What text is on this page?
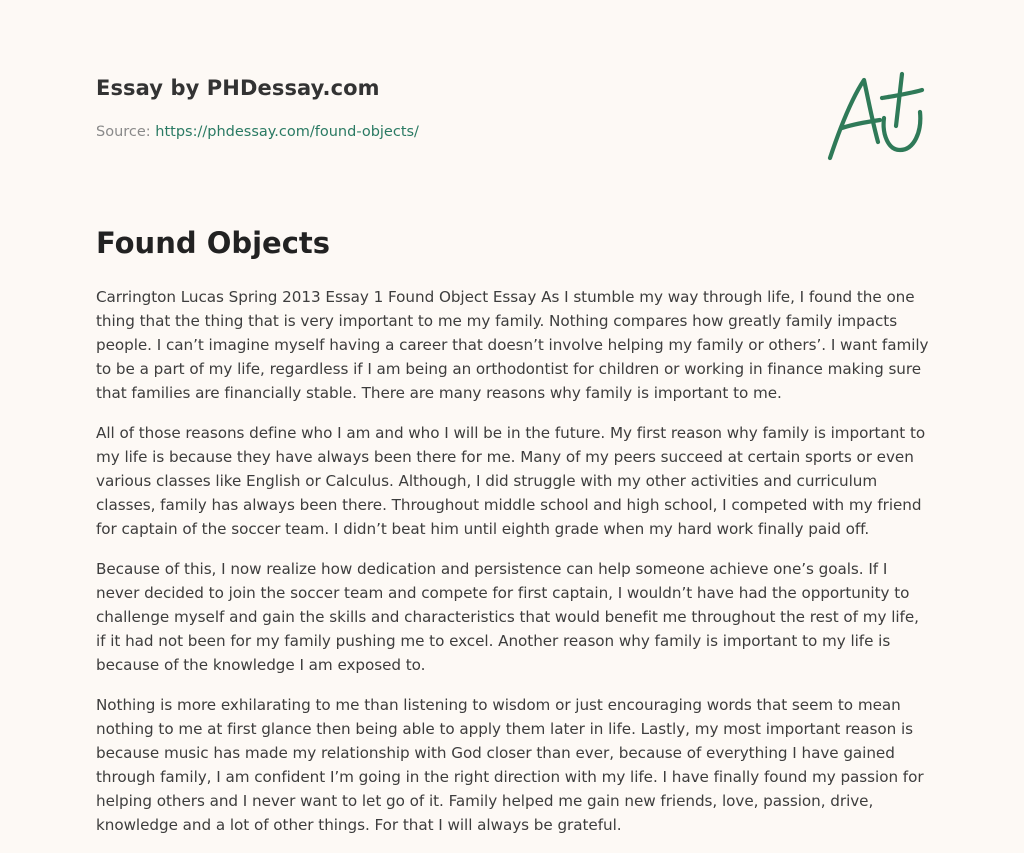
Essay by PHDessay.com

Source: https://phdessay.com/found-objects/

Found Objects

Carrington Lucas Spring 2013 Essay 1 Found Object Essay As I stumble my way through life, I found the one thing that the thing that is very important to me my family. Nothing compares how greatly family impacts people. I can’t imagine myself having a career that doesn’t involve helping my family or others’. I want family to be a part of my life, regardless if I am being an orthodontist for children or working in finance making sure that families are financially stable. There are many reasons why family is important to me.

All of those reasons define who I am and who I will be in the future. My first reason why family is important to my life is because they have always been there for me. Many of my peers succeed at certain sports or even various classes like English or Calculus. Although, I did struggle with my other activities and curriculum classes, family has always been there. Throughout middle school and high school, I competed with my friend for captain of the soccer team. I didn’t beat him until eighth grade when my hard work finally paid off.

Because of this, I now realize how dedication and persistence can help someone achieve one’s goals. If I never decided to join the soccer team and compete for first captain, I wouldn’t have had the opportunity to challenge myself and gain the skills and characteristics that would benefit me throughout the rest of my life, if it had not been for my family pushing me to excel. Another reason why family is important to my life is because of the knowledge I am exposed to.

Nothing is more exhilarating to me than listening to wisdom or just encouraging words that seem to mean nothing to me at first glance then being able to apply them later in life. Lastly, my most important reason is because music has made my relationship with God closer than ever, because of everything I have gained through family, I am confident I’m going in the right direction with my life. I have finally found my passion for helping others and I never want to let go of it. Family helped me gain new friends, love, passion, drive, knowledge and a lot of other things. For that I will always be grateful.
